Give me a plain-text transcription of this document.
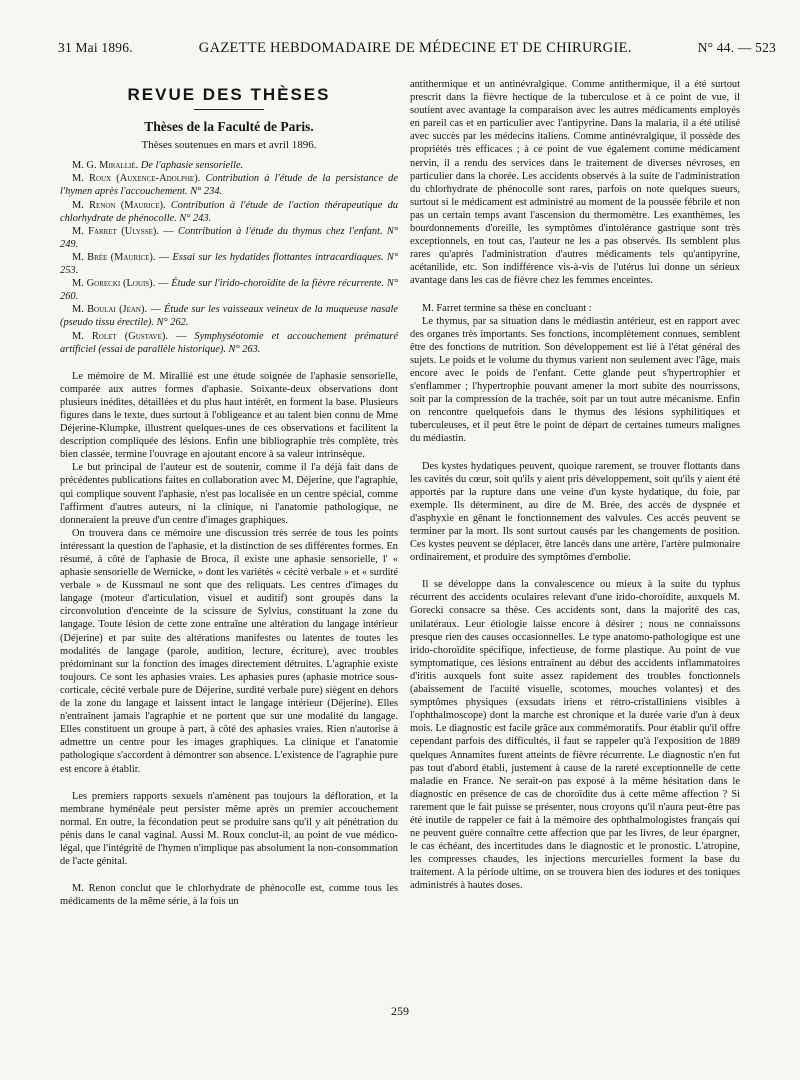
31 Mai 1896.	GAZETTE HEBDOMADAIRE DE MÉDECINE ET DE CHIRURGIE.	N° 44. — 523
REVUE DES THÈSES
Thèses de la Faculté de Paris.
Thèses soutenues en mars et avril 1896.

M. G. Mirallié. De l'aphasie sensorielle.

M. Roux (Auxence-Adolphe). Contribution à l'étude de la persistance de l'hymen après l'accouchement. N° 234.

M. Renon (Maurice). Contribution à l'étude de l'action thérapeutique du chlorhydrate de phénocolle. N° 243.

M. Farret (Ulysse). — Contribution à l'étude du thymus chez l'enfant. N° 249.

M. Brée (Maurice). — Essai sur les hydatides flottantes intracardiaques. N° 253.

M. Gorecki (Louis). — Étude sur l'irido-choroïdite de la fièvre récurrente. N° 260.

M. Boulai (Jean). — Étude sur les vaisseaux veineux de la muqueuse nasale (pseudo tissu érectile). N° 262.

M. Rolet (Gustave). — Symphyséotomie et accouchement prématuré artificiel (essai de parallèle historique). N° 263.

Le mémoire de M. Mirallié est une étude soignée de l'aphasie sensorielle, comparée aux autres formes d'aphasie. Soixante-deux observations dont plusieurs inédites, détaillées et du plus haut intérêt, en forment la base. Plusieurs figures dans le texte, dues surtout à l'obligeance et au talent bien connu de Mme Déjerine-Klumpke, illustrent quelques-unes de ces observations et facilitent la description compliquée des lésions. Enfin une bibliographie très complète, très bien classée, termine l'ouvrage en ajoutant encore à sa valeur intrinsèque.

Le but principal de l'auteur est de soutenir, comme il l'a déjà fait dans de précédentes publications faites en collaboration avec M. Déjerine, que l'agraphie, qui complique souvent l'aphasie, n'est pas localisée en un centre spécial, comme l'affirment d'autres auteurs, ni la clinique, ni l'anatomie pathologique, ne donneraient la preuve d'un centre d'images graphiques.

On trouvera dans ce mémoire une discussion très serrée de tous les points intéressant la question de l'aphasie, et la distinction de ses différentes formes. En résumé, à côté de l'aphasie de Broca, il existe une aphasie sensorielle, l' « aphasie sensorielle de Wernicke, » dont les variétés « cécité verbale » et « surdité verbale » de Kussmaul ne sont que des reliquats. Les centres d'images du langage (moteur d'articulation, visuel et auditif) sont groupés dans la circonvolution d'enceinte de la scissure de Sylvius, constituant la zone du langage. Toute lésion de cette zone entraîne une altération du langage intérieur (Déjerine) et par suite des altérations manifestes ou latentes de toutes les modalités de langage (parole, audition, lecture, écriture), avec troubles prédominant sur la fonction des images directement détruites. L'agraphie existe toujours. Ce sont les aphasies vraies. Les aphasies pures (aphasie motrice sous-corticale, cécité verbale pure de Déjerine, surdité verbale pure) siègent en dehors de la zone du langage et laissent intact le langage intérieur (Déjerine). Elles n'entraînent jamais l'agraphie et ne portent que sur une modalité du langage. Elles constituent un groupe à part, à côté des aphasies vraies. Rien n'autorise à admettre un centre pour les images graphiques. La clinique et l'anatomie pathologique s'accordent à démontrer son absence. L'existence de l'agraphie pure est encore à établir.

Les premiers rapports sexuels n'amènent pas toujours la défloration, et la membrane hyménéale peut persister même après un premier accouchement normal. En outre, la fécondation peut se produire sans qu'il y ait pénétration du pénis dans le canal vaginal. Aussi M. Roux conclut-il, au point de vue médico-légal, que l'intégrité de l'hymen n'implique pas absolument la non-consommation de l'acte génital.

M. Renon conclut que le chlorhydrate de phénocolle est, comme tous les médicaments de la même série, à la fois un

antithermique et un antinévralgique. Comme antithermique, il a été surtout prescrit dans la fièvre hectique de la tuberculose et à ce point de vue, il soutient avec avantage la comparaison avec les autres médicaments employés en pareil cas et en particulier avec l'antipyrine. Dans la malaria, il a été utilisé avec succès par les médecins italiens. Comme antinévralgique, il possède des propriétés très efficaces ; à ce point de vue également comme médicament nervin, il a rendu des services dans le traitement de diverses névroses, en particulier dans la chorée. Les accidents observés à la suite de l'administration du chlorhydrate de phénocolle sont rares, parfois on note quelques sueurs, surtout si le médicament est administré au moment de la poussée fébrile et non pas un certain temps avant l'ascension du thermomètre. Les exanthèmes, les bourdonnements d'oreille, les symptômes d'intolérance gastrique sont très exceptionnels, en tout cas, l'auteur ne les a pas observés. Ils semblent plus rares qu'après l'administration d'autres médicaments tels qu'antipyrine, acétanilide, etc. Son indifférence vis-à-vis de l'utérus lui donne un sérieux avantage dans les cas de fièvre chez les femmes enceintes.

M. Farret termine sa thèse en concluant :

Le thymus, par sa situation dans le médiastin antérieur, est en rapport avec des organes très importants. Ses fonctions, incomplètement connues, semblent être des fonctions de nutrition. Son développement est lié à l'état général des sujets. Le poids et le volume du thymus varient non seulement avec l'âge, mais encore avec le poids de l'enfant. Cette glande peut s'hypertrophier et s'enflammer ; l'hypertrophie pouvant amener la mort subite des nourrissons, soit par la compression de la trachée, soit par un tout autre mécanisme. Enfin on rencontre quelquefois dans le thymus des lésions syphilitiques et tuberculeuses, et il peut être le point de départ de certaines tumeurs malignes du médiastin.

Des kystes hydatiques peuvent, quoique rarement, se trouver flottants dans les cavités du cœur, soit qu'ils y aient pris développement, soit qu'ils y aient été apportés par la rupture dans une veine d'un kyste hydatique, du foie, par exemple. Ils déterminent, au dire de M. Brée, des accès de dyspnée et d'asphyxie en gênant le fonctionnement des valvules. Ces accès peuvent se terminer par la mort. Ils sont surtout causés par les changements de position. Ces kystes peuvent se déplacer, être lancés dans une artère, l'artère pulmonaire ordinairement, et produire des symptômes d'embolie.

Il se développe dans la convalescence ou mieux à la suite du typhus récurrent des accidents oculaires relevant d'une irido-choroïdite, auxquels M. Gorecki consacre sa thèse. Ces accidents sont, dans la majorité des cas, unilatéraux. Leur étiologie laisse encore à désirer ; nous ne connaissons presque rien des causes occasionnelles. Le type anatomo-pathologique est une irido-choroïdite spécifique, infectieuse, de forme plastique. Au point de vue symptomatique, ces lésions entraînent au début des accidents inflammatoires d'iritis auxquels font suite assez rapidement des troubles fonctionnels (abaissement de l'acuité visuelle, scotomes, mouches volantes) et des symptômes physiques (exsudats iriens et rétro-cristalliniens visibles à l'ophthalmoscope) dont la marche est chronique et la durée varie d'un à deux mois. Le diagnostic est facile grâce aux commémoratifs. Pour établir qu'il offre cependant parfois des difficultés, il faut se rappeler qu'à l'exposition de 1889 quelques Annamites furent atteints de fièvre récurrente. Le diagnostic n'en fut pas tout d'abord établi, justement à cause de la rareté exceptionnelle de cette maladie en France. Ne serait-on pas exposé à la même hésitation dans le diagnostic en présence de cas de choroïdite dus à cette même affection ? Si rarement que le fait puisse se présenter, nous croyons qu'il n'aura peut-être pas été inutile de rappeler ce fait à la mémoire des ophthalmologistes français qui ne peuvent guère connaître cette affection que par les livres, de leur épargner, le cas échéant, des incertitudes dans le diagnostic et le pronostic. L'atropine, les compresses chaudes, les injections mercurielles forment la base du traitement. A la période ultime, on se trouvera bien des iodures et des toniques administrés à hautes doses.

259
